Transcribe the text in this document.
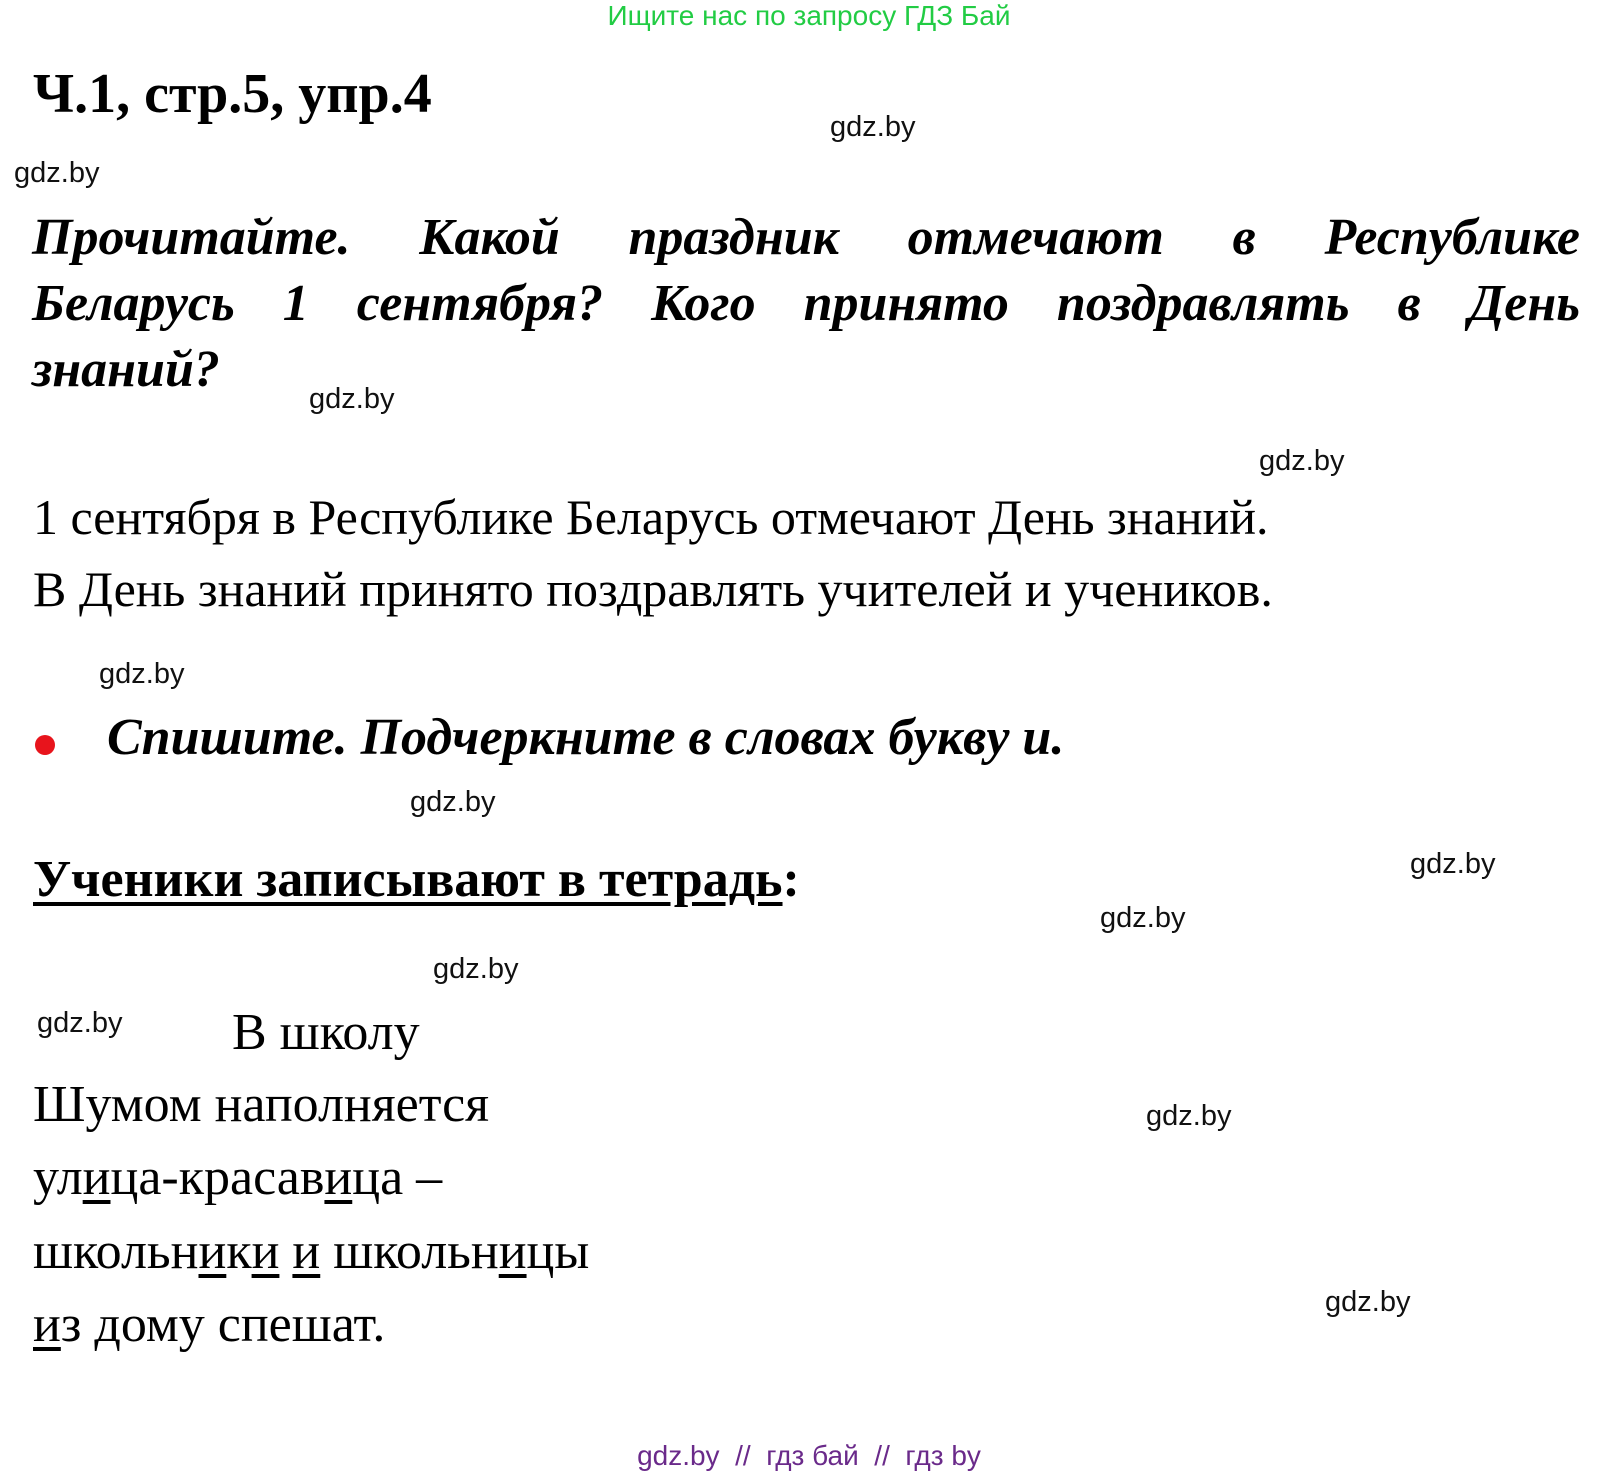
Ищите нас по запросу ГДЗ Бай
Ч.1, стр.5, упр.4
gdz.by
gdz.by
gdz.by
gdz.by
gdz.by
gdz.by
gdz.by
gdz.by
gdz.by
gdz.by
gdz.by
gdz.by
Прочитайте. Какой праздник отмечают в Республике
Беларусь 1 сентября? Кого принято поздравлять в День
знаний?
1 сентября в Республике Беларусь отмечают День знаний.
В День знаний принято поздравлять учителей и учеников.
Спишите. Подчеркните в словах букву и.
Ученики записывают в тетрадь:
В школу
Шумом наполняется
улица-красавица –
школьники и школьницы
из дому спешат.
gdz.by  //  гдз бай  //  гдз by
